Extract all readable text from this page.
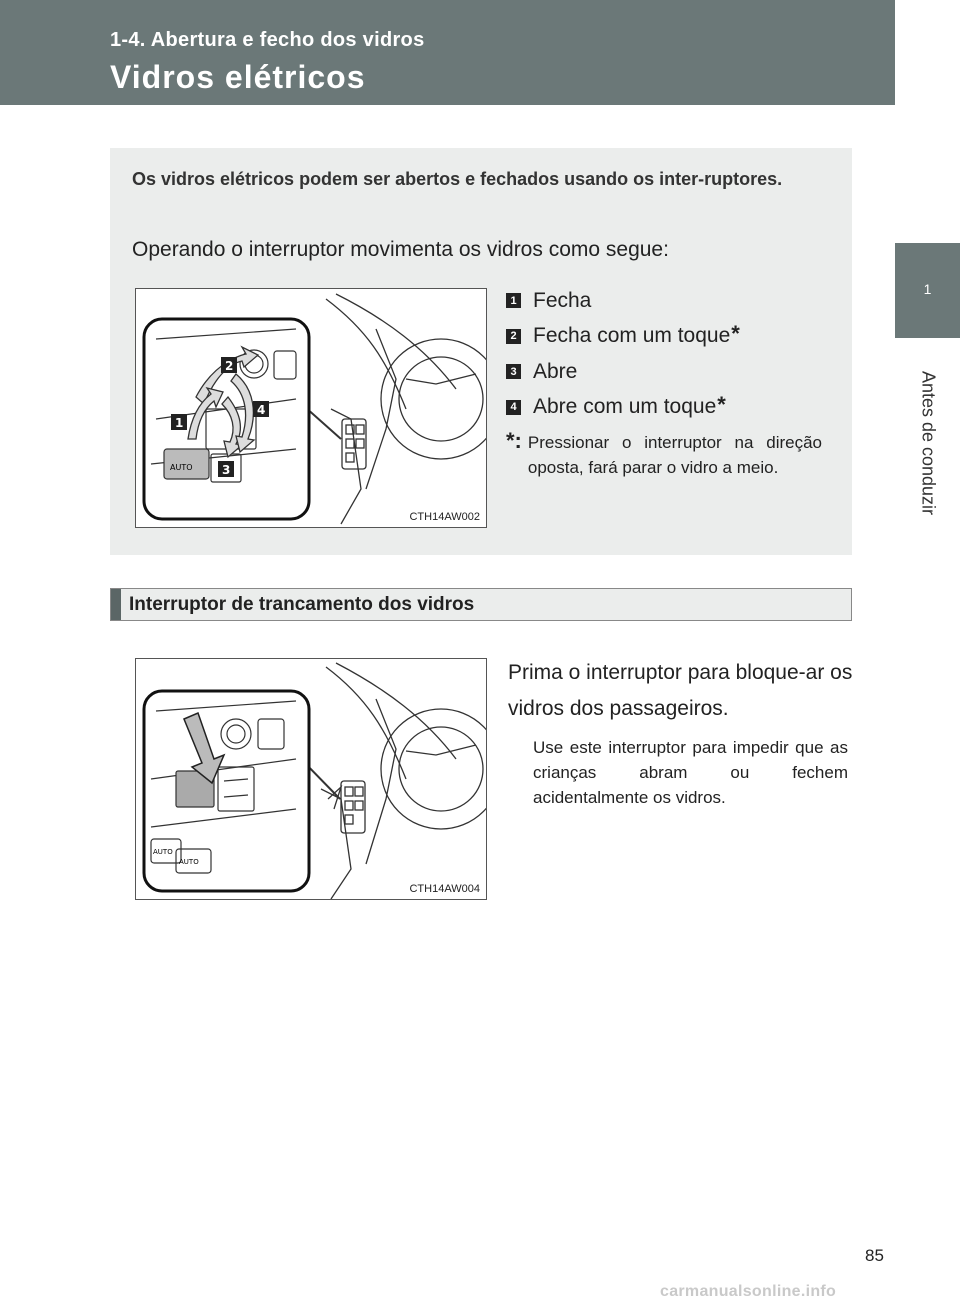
1-4. Abertura e fecho dos vidros
Vidros elétricos
1
Antes de conduzir
Os vidros elétricos podem ser abertos e fechados usando os inter-ruptores.
Operando o interruptor movimenta os vidros como segue:
AUTO
2
1
4
3
CTH14AW002
1 Fecha
2 Fecha com um toque*
3 Abre
4 Abre com um toque*
*: Pressionar o interruptor na direção oposta, fará parar o vidro a meio.
Interruptor de trancamento dos vidros
AUTO
AUTO
CTH14AW004
Prima o interruptor para bloque-ar os vidros dos passageiros.
Use este interruptor para impedir que as crianças abram ou fechem acidentalmente os vidros.
85
carmanualsonline.info
